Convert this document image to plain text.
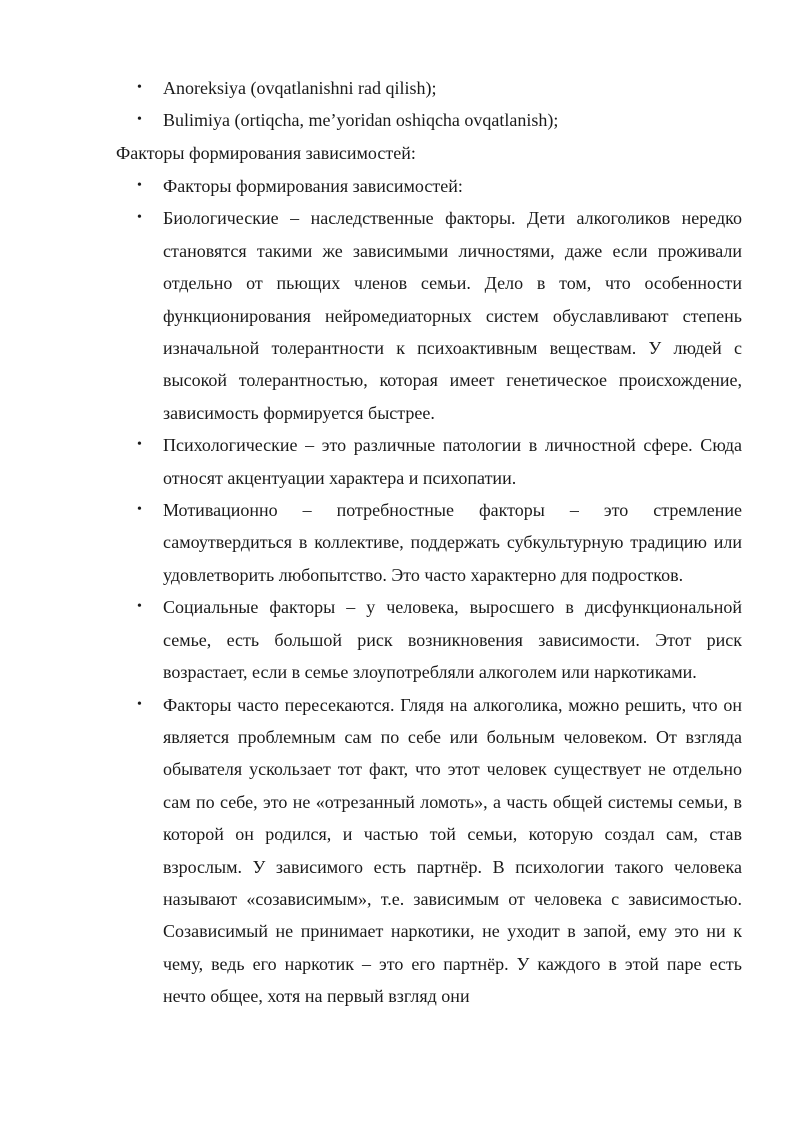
• Anoreksiya (ovqatlanishni rad qilish);
• Bulimiya (ortiqcha, me’yoridan oshiqcha ovqatlanish);
Факторы формирования зависимостей:
• Факторы формирования зависимостей:
• Биологические – наследственные факторы. Дети алкоголиков нередко становятся такими же зависимыми личностями, даже если проживали отдельно от пьющих членов семьи. Дело в том, что особенности функционирования нейромедиаторных систем обуславливают степень изначальной толерантности к психоактивным веществам. У людей с высокой толерантностью, которая имеет генетическое происхождение, зависимость формируется быстрее.
• Психологические – это различные патологии в личностной сфере. Сюда относят акцентуации характера и психопатии.
• Мотивационно – потребностные факторы – это стремление самоутвердиться в коллективе, поддержать субкультурную традицию или удовлетворить любопытство. Это часто характерно для подростков.
• Социальные факторы – у человека, выросшего в дисфункциональной семье, есть большой риск возникновения зависимости. Этот риск возрастает, если в семье злоупотребляли алкоголем или наркотиками.
• Факторы часто пересекаются. Глядя на алкоголика, можно решить, что он является проблемным сам по себе или больным человеком. От взгляда обывателя ускользает тот факт, что этот человек существует не отдельно сам по себе, это не «отрезанный ломоть», а часть общей системы семьи, в которой он родился, и частью той семьи, которую создал сам, став взрослым. У зависимого есть партнёр. В психологии такого человека называют «созависимым», т.е. зависимым от человека с зависимостью. Созависимый не принимает наркотики, не уходит в запой, ему это ни к чему, ведь его наркотик – это его партнёр. У каждого в этой паре есть нечто общее, хотя на первый взгляд они
